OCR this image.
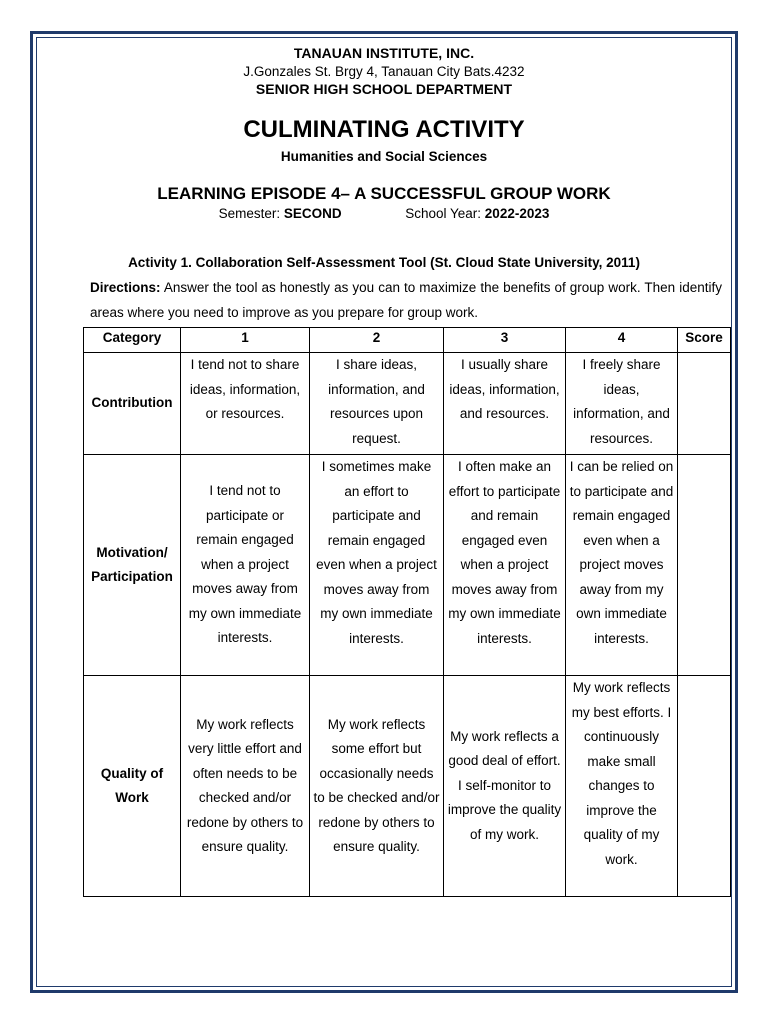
TANAUAN INSTITUTE, INC.
J.Gonzales St. Brgy 4, Tanauan City Bats.4232
SENIOR HIGH SCHOOL DEPARTMENT
CULMINATING ACTIVITY
Humanities and Social Sciences
LEARNING EPISODE 4– A SUCCESSFUL GROUP WORK
Semester: SECOND	School Year: 2022-2023
Activity 1. Collaboration Self-Assessment Tool (St. Cloud State University, 2011)
Directions: Answer the tool as honestly as you can to maximize the benefits of group work. Then identify areas where you need to improve as you prepare for group work.
Category	1	2	3	4	Score
Contribution	I tend not to share ideas, information, or resources.	I share ideas, information, and resources upon request.	I usually share ideas, information, and resources.	I freely share ideas, information, and resources.	
Motivation/ Participation	I tend not to participate or remain engaged when a project moves away from my own immediate interests.	I sometimes make an effort to participate and remain engaged even when a project moves away from my own immediate interests.	I often make an effort to participate and remain engaged even when a project moves away from my own immediate interests.	I can be relied on to participate and remain engaged even when a project moves away from my own immediate interests.	
Quality of Work	My work reflects very little effort and often needs to be checked and/or redone by others to ensure quality.	My work reflects some effort but occasionally needs to be checked and/or redone by others to ensure quality.	My work reflects a good deal of effort. I self-monitor to improve the quality of my work.	My work reflects my best efforts. I continuously make small changes to improve the quality of my work.	
